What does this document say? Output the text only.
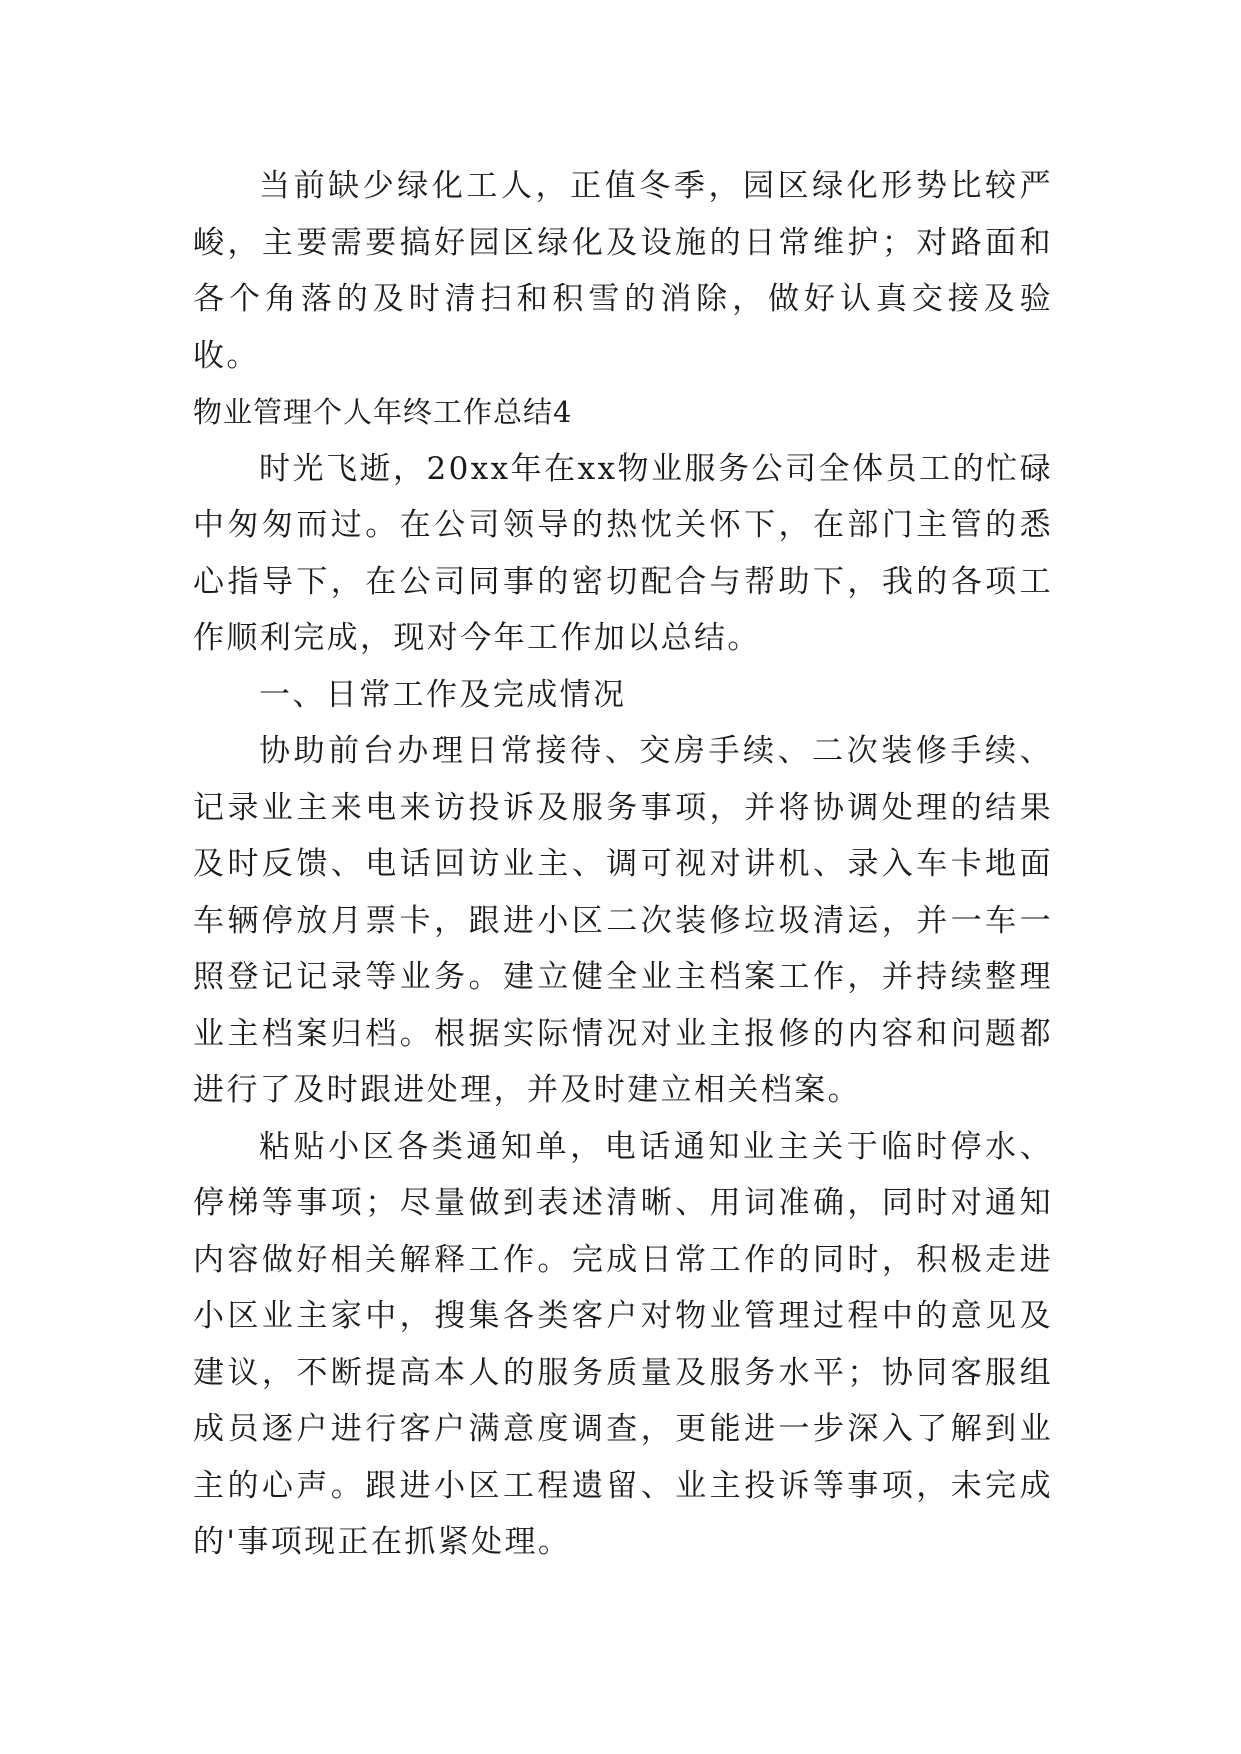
当前缺少绿化工人，正值冬季，园区绿化形势比较严峻，主要需要搞好园区绿化及设施的日常维护；对路面和各个角落的及时清扫和积雪的消除，做好认真交接及验收。

物业管理个人年终工作总结4

时光飞逝，20xx年在xx物业服务公司全体员工的忙碌中匆匆而过。在公司领导的热忱关怀下，在部门主管的悉心指导下，在公司同事的密切配合与帮助下，我的各项工作顺利完成，现对今年工作加以总结。

一、日常工作及完成情况

协助前台办理日常接待、交房手续、二次装修手续、记录业主来电来访投诉及服务事项，并将协调处理的结果及时反馈、电话回访业主、调可视对讲机、录入车卡地面车辆停放月票卡，跟进小区二次装修垃圾清运，并一车一照登记记录等业务。建立健全业主档案工作，并持续整理业主档案归档。根据实际情况对业主报修的内容和问题都进行了及时跟进处理，并及时建立相关档案。

粘贴小区各类通知单，电话通知业主关于临时停水、停梯等事项；尽量做到表述清晰、用词准确，同时对通知内容做好相关解释工作。完成日常工作的同时，积极走进小区业主家中，搜集各类客户对物业管理过程中的意见及建议，不断提高本人的服务质量及服务水平；协同客服组成员逐户进行客户满意度调查，更能进一步深入了解到业主的心声。跟进小区工程遗留、业主投诉等事项，未完成的'事项现正在抓紧处理。
